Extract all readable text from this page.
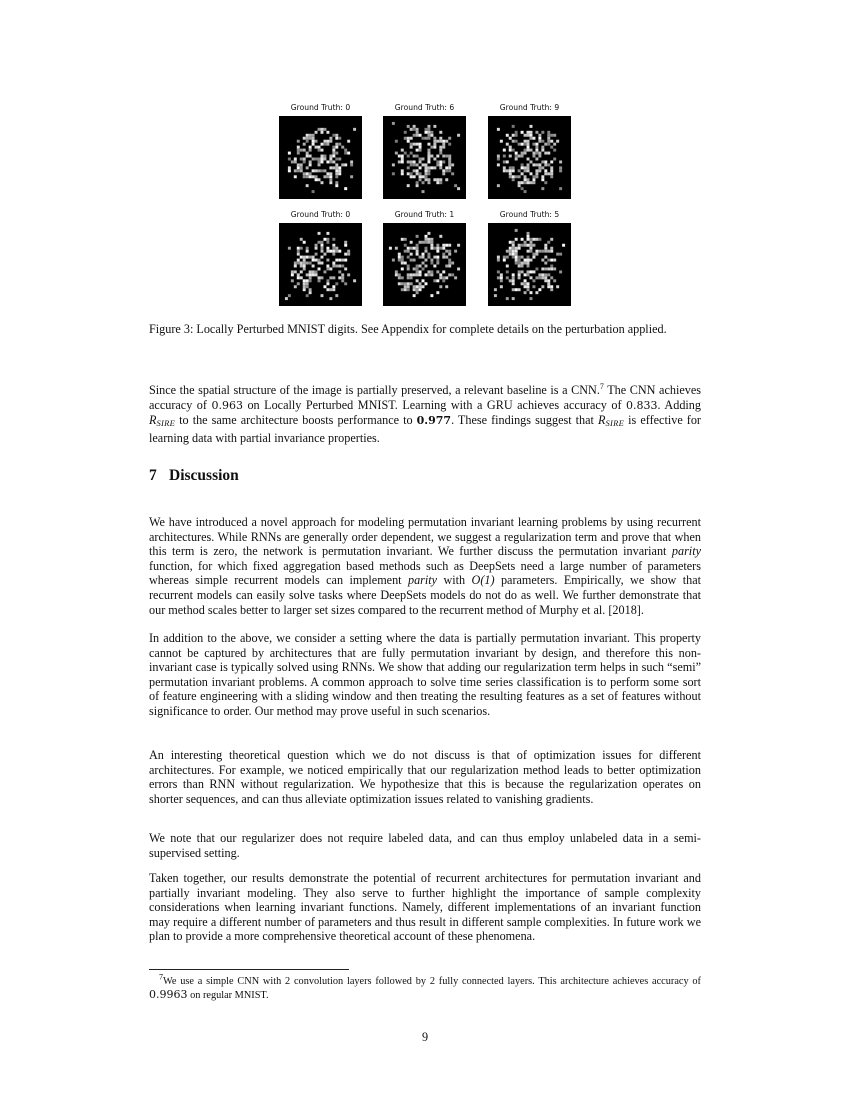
Ground Truth: 0	Ground Truth: 6	Ground Truth: 9
Ground Truth: 0	Ground Truth: 1	Ground Truth: 5
Figure 3: Locally Perturbed MNIST digits. See Appendix for complete details on the perturbation applied.

Since the spatial structure of the image is partially preserved, a relevant baseline is a CNN.$^7$ The CNN achieves accuracy of 0.963 on Locally Perturbed MNIST. Learning with a GRU achieves accuracy of 0.833. Adding $R_{SIRE}$ to the same architecture boosts performance to 0.977. These findings suggest that $R_{SIRE}$ is effective for learning data with partial invariance properties.

7 Discussion

We have introduced a novel approach for modeling permutation invariant learning problems by using recurrent architectures. While RNNs are generally order dependent, we suggest a regularization term and prove that when this term is zero, the network is permutation invariant. We further discuss the permutation invariant parity function, for which fixed aggregation based methods such as DeepSets need a large number of parameters whereas simple recurrent models can implement parity with O(1) parameters. Empirically, we show that recurrent models can easily solve tasks where DeepSets models do not do as well. We further demonstrate that our method scales better to larger set sizes compared to the recurrent method of Murphy et al. [2018].

In addition to the above, we consider a setting where the data is partially permutation invariant. This property cannot be captured by architectures that are fully permutation invariant by design, and therefore this non-invariant case is typically solved using RNNs. We show that adding our regularization term helps in such “semi” permutation invariant problems. A common approach to solve time series classification is to perform some sort of feature engineering with a sliding window and then treating the resulting features as a set of features without significance to order. Our method may prove useful in such scenarios.

An interesting theoretical question which we do not discuss is that of optimization issues for different architectures. For example, we noticed empirically that our regularization method leads to better optimization errors than RNN without regularization. We hypothesize that this is because the regularization operates on shorter sequences, and can thus alleviate optimization issues related to vanishing gradients.

We note that our regularizer does not require labeled data, and can thus employ unlabeled data in a semi-supervised setting.

Taken together, our results demonstrate the potential of recurrent architectures for permutation invariant and partially invariant modeling. They also serve to further highlight the importance of sample complexity considerations when learning invariant functions. Namely, different implementations of an invariant function may require a different number of parameters and thus result in different sample complexities. In future work we plan to provide a more comprehensive theoretical account of these phenomena.

$^7$We use a simple CNN with 2 convolution layers followed by 2 fully connected layers. This architecture achieves accuracy of 0.9963 on regular MNIST.
9
